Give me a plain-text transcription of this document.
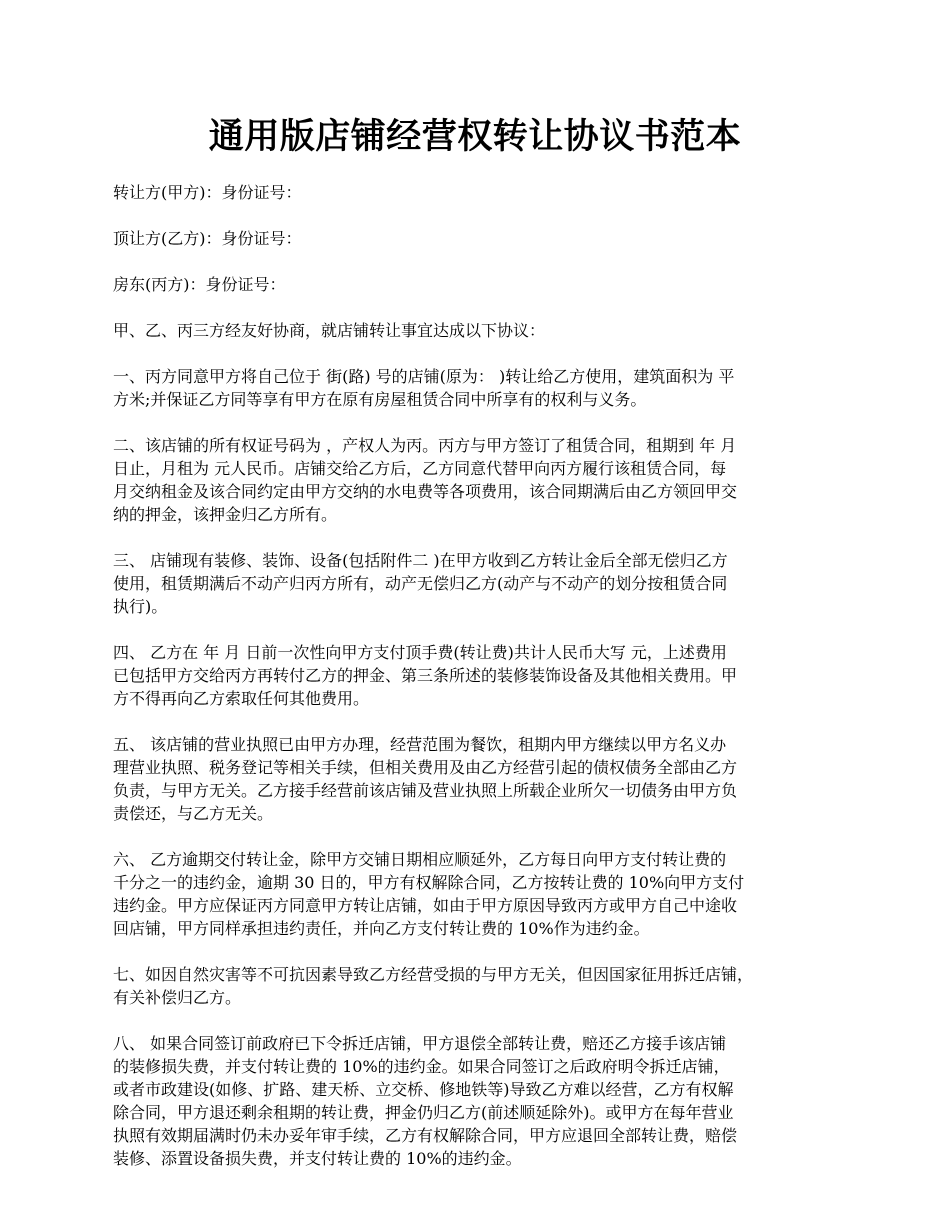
通用版店铺经营权转让协议书范本

转让方(甲方)：身份证号：

顶让方(乙方)：身份证号：

房东(丙方)：身份证号：

甲、乙、丙三方经友好协商，就店铺转让事宜达成以下协议：

一、丙方同意甲方将自己位于 街(路) 号的店铺(原为： )转让给乙方使用，建筑面积为 平
方米;并保证乙方同等享有甲方在原有房屋租赁合同中所享有的权利与义务。

二、该店铺的所有权证号码为 ，产权人为丙。丙方与甲方签订了租赁合同，租期到 年 月
日止，月租为 元人民币。店铺交给乙方后，乙方同意代替甲向丙方履行该租赁合同，每
月交纳租金及该合同约定由甲方交纳的水电费等各项费用，该合同期满后由乙方领回甲交
纳的押金，该押金归乙方所有。

三、 店铺现有装修、装饰、设备(包括附件二 )在甲方收到乙方转让金后全部无偿归乙方
使用，租赁期满后不动产归丙方所有，动产无偿归乙方(动产与不动产的划分按租赁合同
执行)。

四、 乙方在 年 月 日前一次性向甲方支付顶手费(转让费)共计人民币大写 元，上述费用
已包括甲方交给丙方再转付乙方的押金、第三条所述的装修装饰设备及其他相关费用。甲
方不得再向乙方索取任何其他费用。

五、 该店铺的营业执照已由甲方办理，经营范围为餐饮，租期内甲方继续以甲方名义办
理营业执照、税务登记等相关手续，但相关费用及由乙方经营引起的债权债务全部由乙方
负责，与甲方无关。乙方接手经营前该店铺及营业执照上所载企业所欠一切债务由甲方负
责偿还，与乙方无关。

六、 乙方逾期交付转让金，除甲方交铺日期相应顺延外，乙方每日向甲方支付转让费的
千分之一的违约金，逾期 30 日的，甲方有权解除合同，乙方按转让费的 10%向甲方支付
违约金。甲方应保证丙方同意甲方转让店铺，如由于甲方原因导致丙方或甲方自己中途收
回店铺，甲方同样承担违约责任，并向乙方支付转让费的 10%作为违约金。

七、如因自然灾害等不可抗因素导致乙方经营受损的与甲方无关，但因国家征用拆迁店铺，
有关补偿归乙方。

八、 如果合同签订前政府已下令拆迁店铺，甲方退偿全部转让费，赔还乙方接手该店铺
的装修损失费，并支付转让费的 10%的违约金。如果合同签订之后政府明令拆迁店铺，
或者市政建设(如修、扩路、建天桥、立交桥、修地铁等)导致乙方难以经营，乙方有权解
除合同，甲方退还剩余租期的转让费，押金仍归乙方(前述顺延除外)。或甲方在每年营业
执照有效期届满时仍未办妥年审手续，乙方有权解除合同，甲方应退回全部转让费，赔偿
装修、添置设备损失费，并支付转让费的 10%的违约金。
